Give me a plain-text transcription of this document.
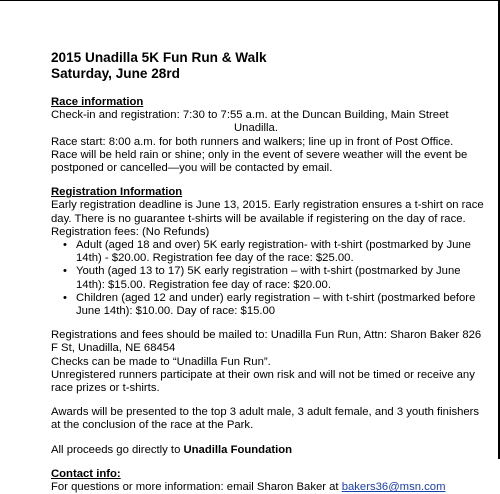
2015 Unadilla 5K Fun Run & Walk
Saturday, June 28rd
Race information

Check-in and registration: 7:30 to 7:55 a.m. at the Duncan Building, Main Street

Unadilla.

Race start: 8:00 a.m. for both runners and walkers; line up in front of Post Office.

Race will be held rain or shine; only in the event of severe weather will the event be

postponed or cancelled—you will be contacted by email.

Registration Information

Early registration deadline is June 13, 2015. Early registration ensures a t-shirt on race

day. There is no guarantee t-shirts will be available if registering on the day of race.

Registration fees: (No Refunds)

• Adult (aged 18 and over) 5K early registration- with t-shirt (postmarked by June
14th) - $20.00. Registration fee day of the race: $25.00.
• Youth (aged 13 to 17) 5K early registration – with t-shirt (postmarked by June
14th): $15.00. Registration fee day of race: $20.00.
• Children (aged 12 and under) early registration – with t-shirt (postmarked before
June 14th): $10.00. Day of race: $15.00

Registrations and fees should be mailed to: Unadilla Fun Run, Attn: Sharon Baker 826

F St, Unadilla, NE 68454

Checks can be made to “Unadilla Fun Run”.

Unregistered runners participate at their own risk and will not be timed or receive any

race prizes or t-shirts.

Awards will be presented to the top 3 adult male, 3 adult female, and 3 youth finishers

at the conclusion of the race at the Park.

All proceeds go directly to Unadilla Foundation

Contact info:

For questions or more information: email Sharon Baker at bakers36@msn.com
